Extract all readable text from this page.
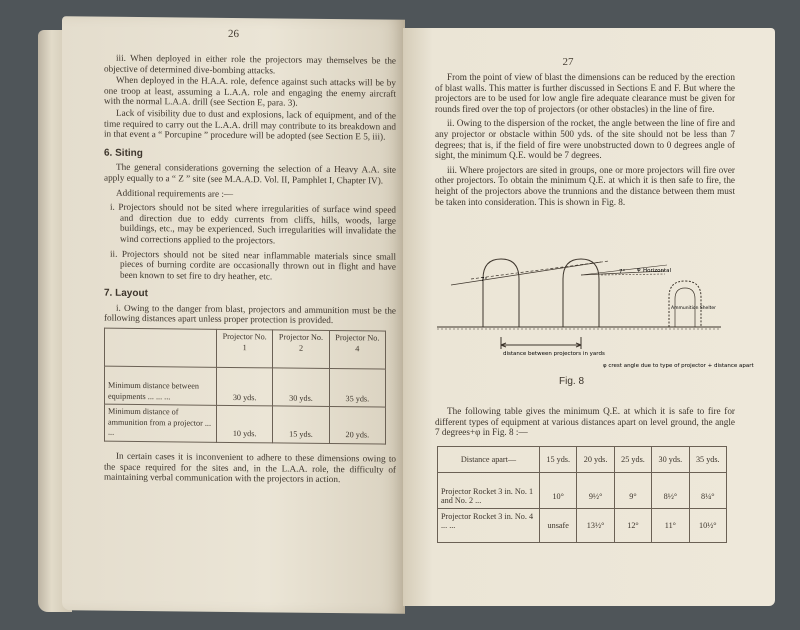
26

iii. When deployed in either role the projectors may themselves be the objective of determined dive-bombing attacks.

When deployed in the H.A.A. role, defence against such attacks will be by one troop at least, assuming a L.A.A. role and engaging the enemy aircraft with the normal L.A.A. drill (see Section E, para. 3).

Lack of visibility due to dust and explosions, lack of equipment, and of the time required to carry out the L.A.A. drill may contribute to its breakdown and in that event a “ Porcupine ” procedure will be adopted (see Section E 5, iii).

6. Siting

The general considerations governing the selection of a Heavy A.A. site apply equally to a “ Z ” site (see M.A.A.D. Vol. II, Pamphlet I, Chapter IV).

Additional requirements are :—

i. Projectors should not be sited where irregularities of surface wind speed and direction due to eddy currents from cliffs, hills, woods, large buildings, etc., may be experienced. Such irregularities will invalidate the wind corrections applied to the projectors.

ii. Projectors should not be sited near inflammable materials since small pieces of burning cordite are occasionally thrown out in flight and have been known to set fire to dry heather, etc.

7. Layout

i. Owing to the danger from blast, projectors and ammunition must be the following distances apart unless proper protection is provided.

	Projector No. 1	Projector No. 2	Projector No. 4
Minimum distance between equipments ... ... ...	30 yds.	30 yds.	35 yds.
Minimum distance of ammunition from a projector ... ...	10 yds.	15 yds.	20 yds.

In certain cases it is inconvenient to adhere to these dimensions owing to the space required for the sites and, in the L.A.A. role, the difficulty of maintaining verbal communication with the projectors in action.

27

From the point of view of blast the dimensions can be reduced by the erection of blast walls. This matter is further discussed in Sections E and F. But where the projectors are to be used for low angle fire adequate clearance must be given for rounds fired over the top of projectors (or other obstacles) in the line of fire.

ii. Owing to the dispersion of the rocket, the angle between the line of fire and any projector or obstacle within 500 yds. of the site should not be less than 7 degrees; that is, if the field of fire were unobstructed down to 0 degrees angle of sight, the minimum Q.E. would be 7 degrees.

iii. Where projectors are sited in groups, one or more projectors will fire over other projectors. To obtain the minimum Q.E. at which it is then safe to fire, the height of the projectors above the trunnions and the distance between them must be taken into consideration. This is shown in Fig. 8.

Horizontal
Ammunition Shelter
7°
7° φ
distance between projectors in yards
φ crest angle due to type of projector + distance apart
Fig. 8

The following table gives the minimum Q.E. at which it is safe to fire for different types of equipment at various distances apart on level ground, the angle 7 degrees+φ in Fig. 8 :—

Distance apart—	15 yds.	20 yds.	25 yds.	30 yds.	35 yds.
Projector Rocket 3 in. No. 1 and No. 2 ...	10°	9½°	9°	8½°	8¼°
Projector Rocket 3 in. No. 4 ... ...	unsafe	13½°	12°	11°	10½°
